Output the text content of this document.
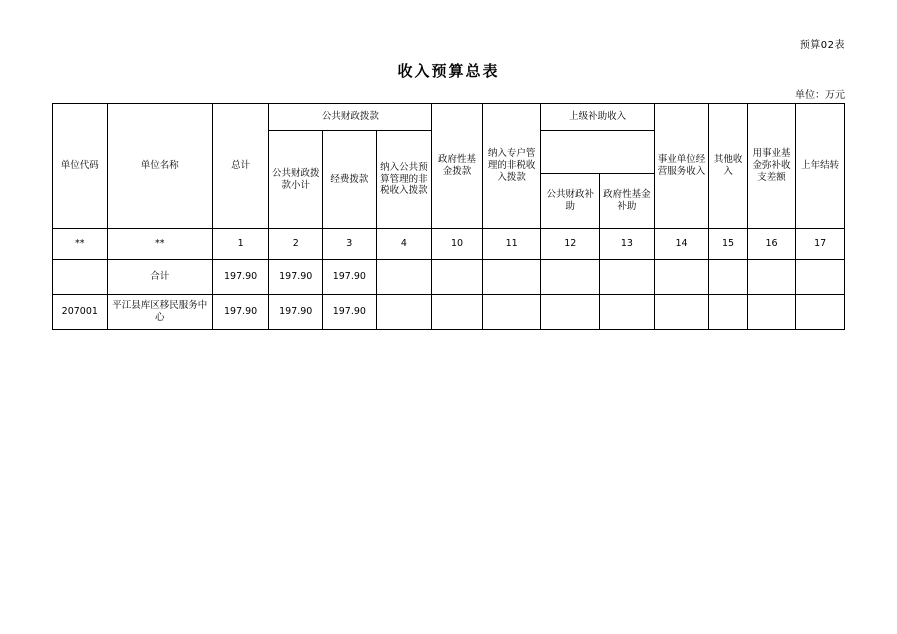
预算02表
收入预算总表
单位：万元
单位代码	单位名称	总计	公共财政拨款			政府性基金拨款	纳入专户管理的非税收入拨款	上级补助收入		事业单位经营服务收入	其他收入	用事业基金弥补收支差额	上年结转
			公共财政拨款小计	经费拨款	纳入公共预算管理的非税收入拨款								
								公共财政补助	政府性基金补助				
**	**	1	2	3	4	10	11	12	13	14	15	16	17
	合计	197.90	197.90	197.90									
207001	平江县库区移民服务中心	197.90	197.90	197.90									
